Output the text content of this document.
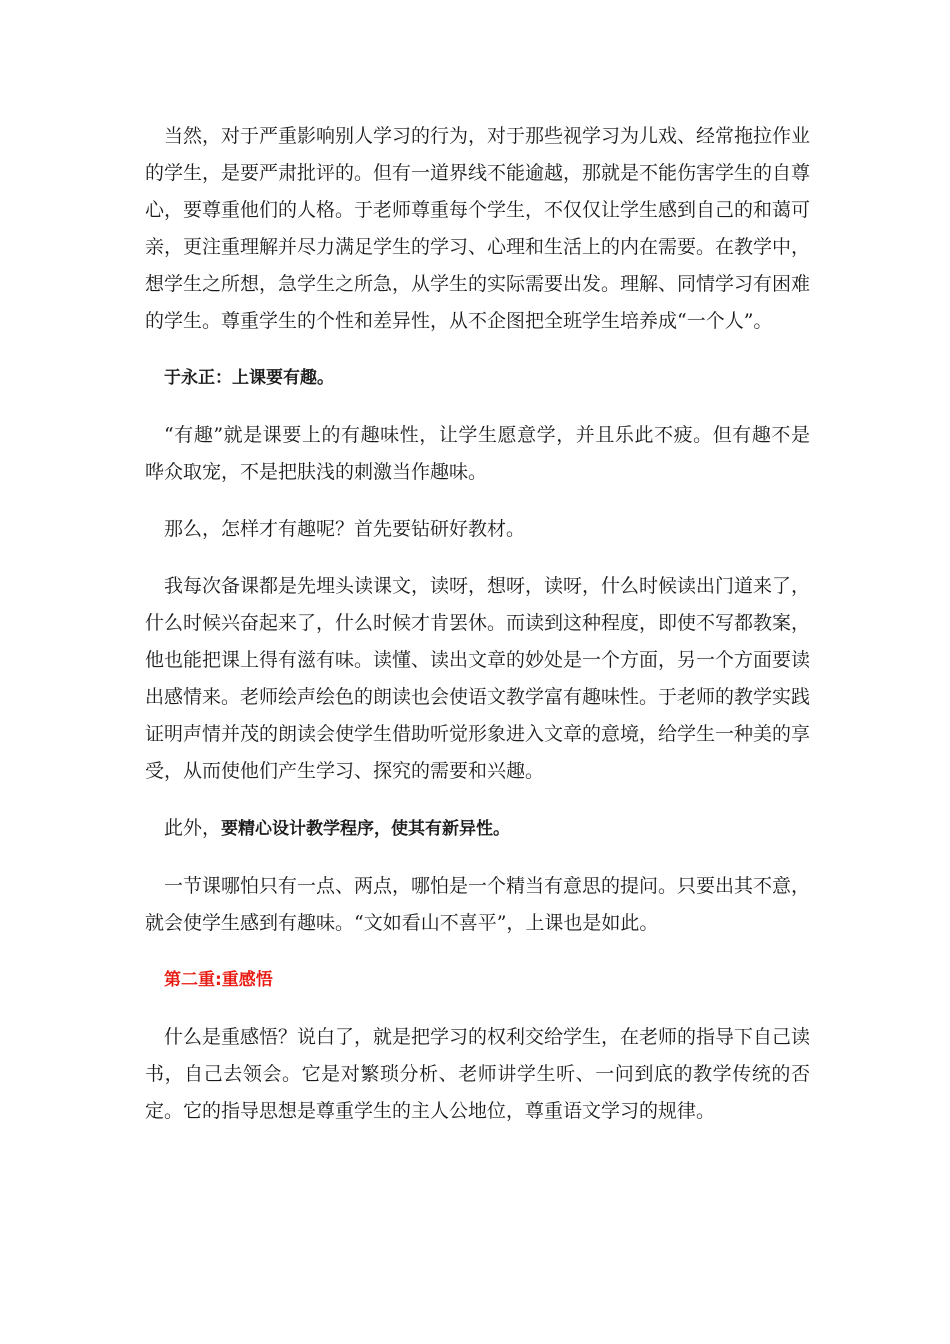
当然，对于严重影响别人学习的行为，对于那些视学习为儿戏、经常拖拉作业的学生，是要严肃批评的。但有一道界线不能逾越，那就是不能伤害学生的自尊心，要尊重他们的人格。于老师尊重每个学生，不仅仅让学生感到自己的和蔼可亲，更注重理解并尽力满足学生的学习、心理和生活上的内在需要。在教学中，想学生之所想，急学生之所急，从学生的实际需要出发。理解、同情学习有困难的学生。尊重学生的个性和差异性，从不企图把全班学生培养成“一个人”。

于永正：上课要有趣。

“有趣”就是课要上的有趣味性，让学生愿意学，并且乐此不疲。但有趣不是哗众取宠，不是把肤浅的刺激当作趣味。

那么，怎样才有趣呢？首先要钻研好教材。

我每次备课都是先埋头读课文，读呀，想呀，读呀，什么时候读出门道来了，什么时候兴奋起来了，什么时候才肯罢休。而读到这种程度，即使不写都教案，他也能把课上得有滋有味。读懂、读出文章的妙处是一个方面，另一个方面要读出感情来。老师绘声绘色的朗读也会使语文教学富有趣味性。于老师的教学实践证明声情并茂的朗读会使学生借助听觉形象进入文章的意境，给学生一种美的享受，从而使他们产生学习、探究的需要和兴趣。

此外，要精心设计教学程序，使其有新异性。

一节课哪怕只有一点、两点，哪怕是一个精当有意思的提问。只要出其不意，就会使学生感到有趣味。“文如看山不喜平”，上课也是如此。

第二重:重感悟

什么是重感悟？说白了，就是把学习的权利交给学生，在老师的指导下自己读书，自己去领会。它是对繁琐分析、老师讲学生听、一问到底的教学传统的否定。它的指导思想是尊重学生的主人公地位，尊重语文学习的规律。
